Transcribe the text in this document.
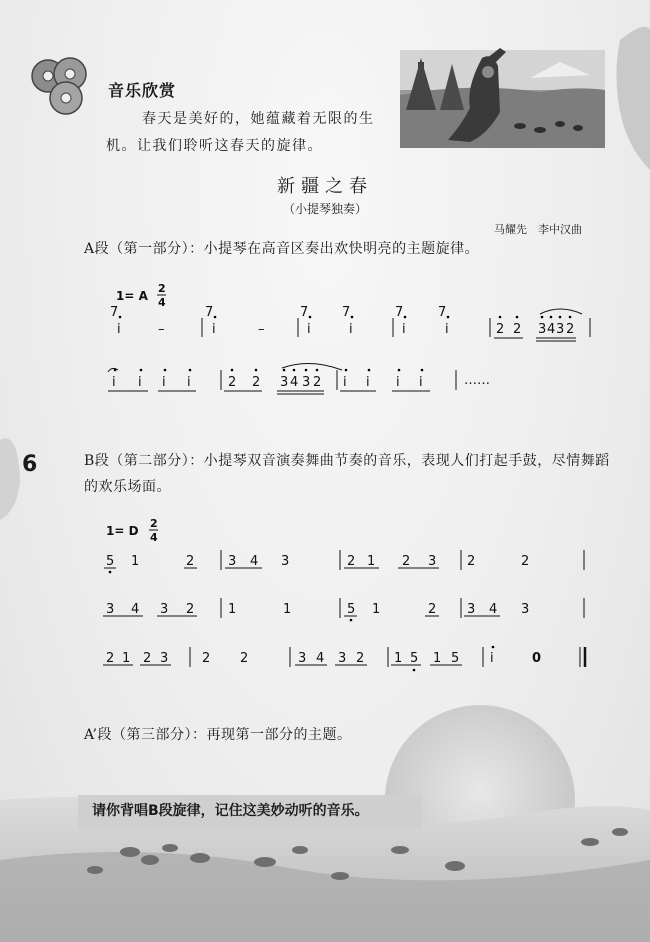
音乐欣赏
春天是美好的，她蕴藏着无限的生机。让我们聆听这春天的旋律。
新疆之春
（小提琴独奏）
马耀先　李中汉曲
A段（第一部分）：小提琴在高音区奏出欢快明亮的主题旋律。
1= A
2
4
7
i	–
7
i	–
7
i
7
i
7
i
7
i	2 2 3 4 3 2
i i i i	2 2 3 4 3 2 i i i i	……
6	B段（第二部分）：小提琴双音演奏舞曲节奏的音乐，表现人们打起手鼓，尽情舞蹈的欢乐场面。
1= D
2
4
5 1	2	3 4 3	2 1 2 3 2	2
3 4 3 2	1	1	5 1	2 3 4 3
2 1 2 3	2 2	3 4 3 2 1 5 1 5 i	0
A’段（第三部分）：再现第一部分的主题。
请你背唱B段旋律，记住这美妙动听的音乐。
